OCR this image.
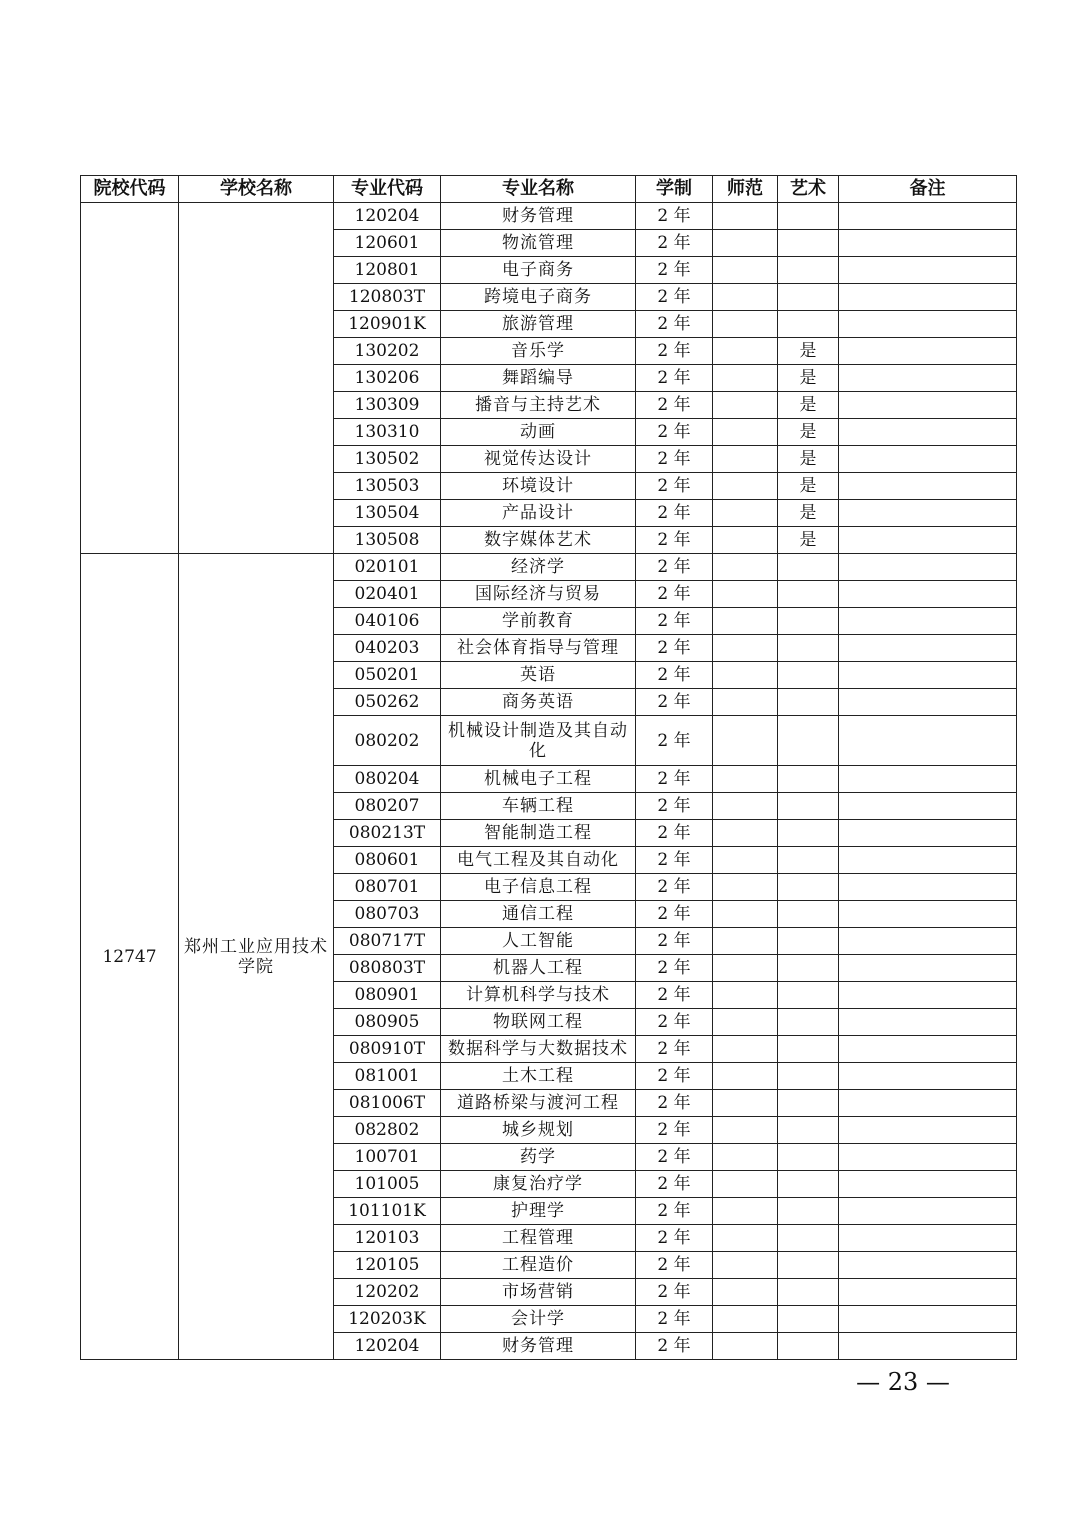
院校代码	学校名称	专业代码	专业名称	学制	师范	艺术	备注
		120204	财务管理	2 年			
		120601	物流管理	2 年			
		120801	电子商务	2 年			
		120803T	跨境电子商务	2 年			
		120901K	旅游管理	2 年			
		130202	音乐学	2 年		是	
		130206	舞蹈编导	2 年		是	
		130309	播音与主持艺术	2 年		是	
		130310	动画	2 年		是	
		130502	视觉传达设计	2 年		是	
		130503	环境设计	2 年		是	
		130504	产品设计	2 年		是	
		130508	数字媒体艺术	2 年		是	
12747	郑州工业应用技术学院	020101	经济学	2 年			
		020401	国际经济与贸易	2 年			
		040106	学前教育	2 年			
		040203	社会体育指导与管理	2 年			
		050201	英语	2 年			
		050262	商务英语	2 年			
		080202	机械设计制造及其自动化	2 年			
		080204	机械电子工程	2 年			
		080207	车辆工程	2 年			
		080213T	智能制造工程	2 年			
		080601	电气工程及其自动化	2 年			
		080701	电子信息工程	2 年			
		080703	通信工程	2 年			
		080717T	人工智能	2 年			
		080803T	机器人工程	2 年			
		080901	计算机科学与技术	2 年			
		080905	物联网工程	2 年			
		080910T	数据科学与大数据技术	2 年			
		081001	土木工程	2 年			
		081006T	道路桥梁与渡河工程	2 年			
		082802	城乡规划	2 年			
		100701	药学	2 年			
		101005	康复治疗学	2 年			
		101101K	护理学	2 年			
		120103	工程管理	2 年			
		120105	工程造价	2 年			
		120202	市场营销	2 年			
		120203K	会计学	2 年			
		120204	财务管理	2 年			
— 23 —
